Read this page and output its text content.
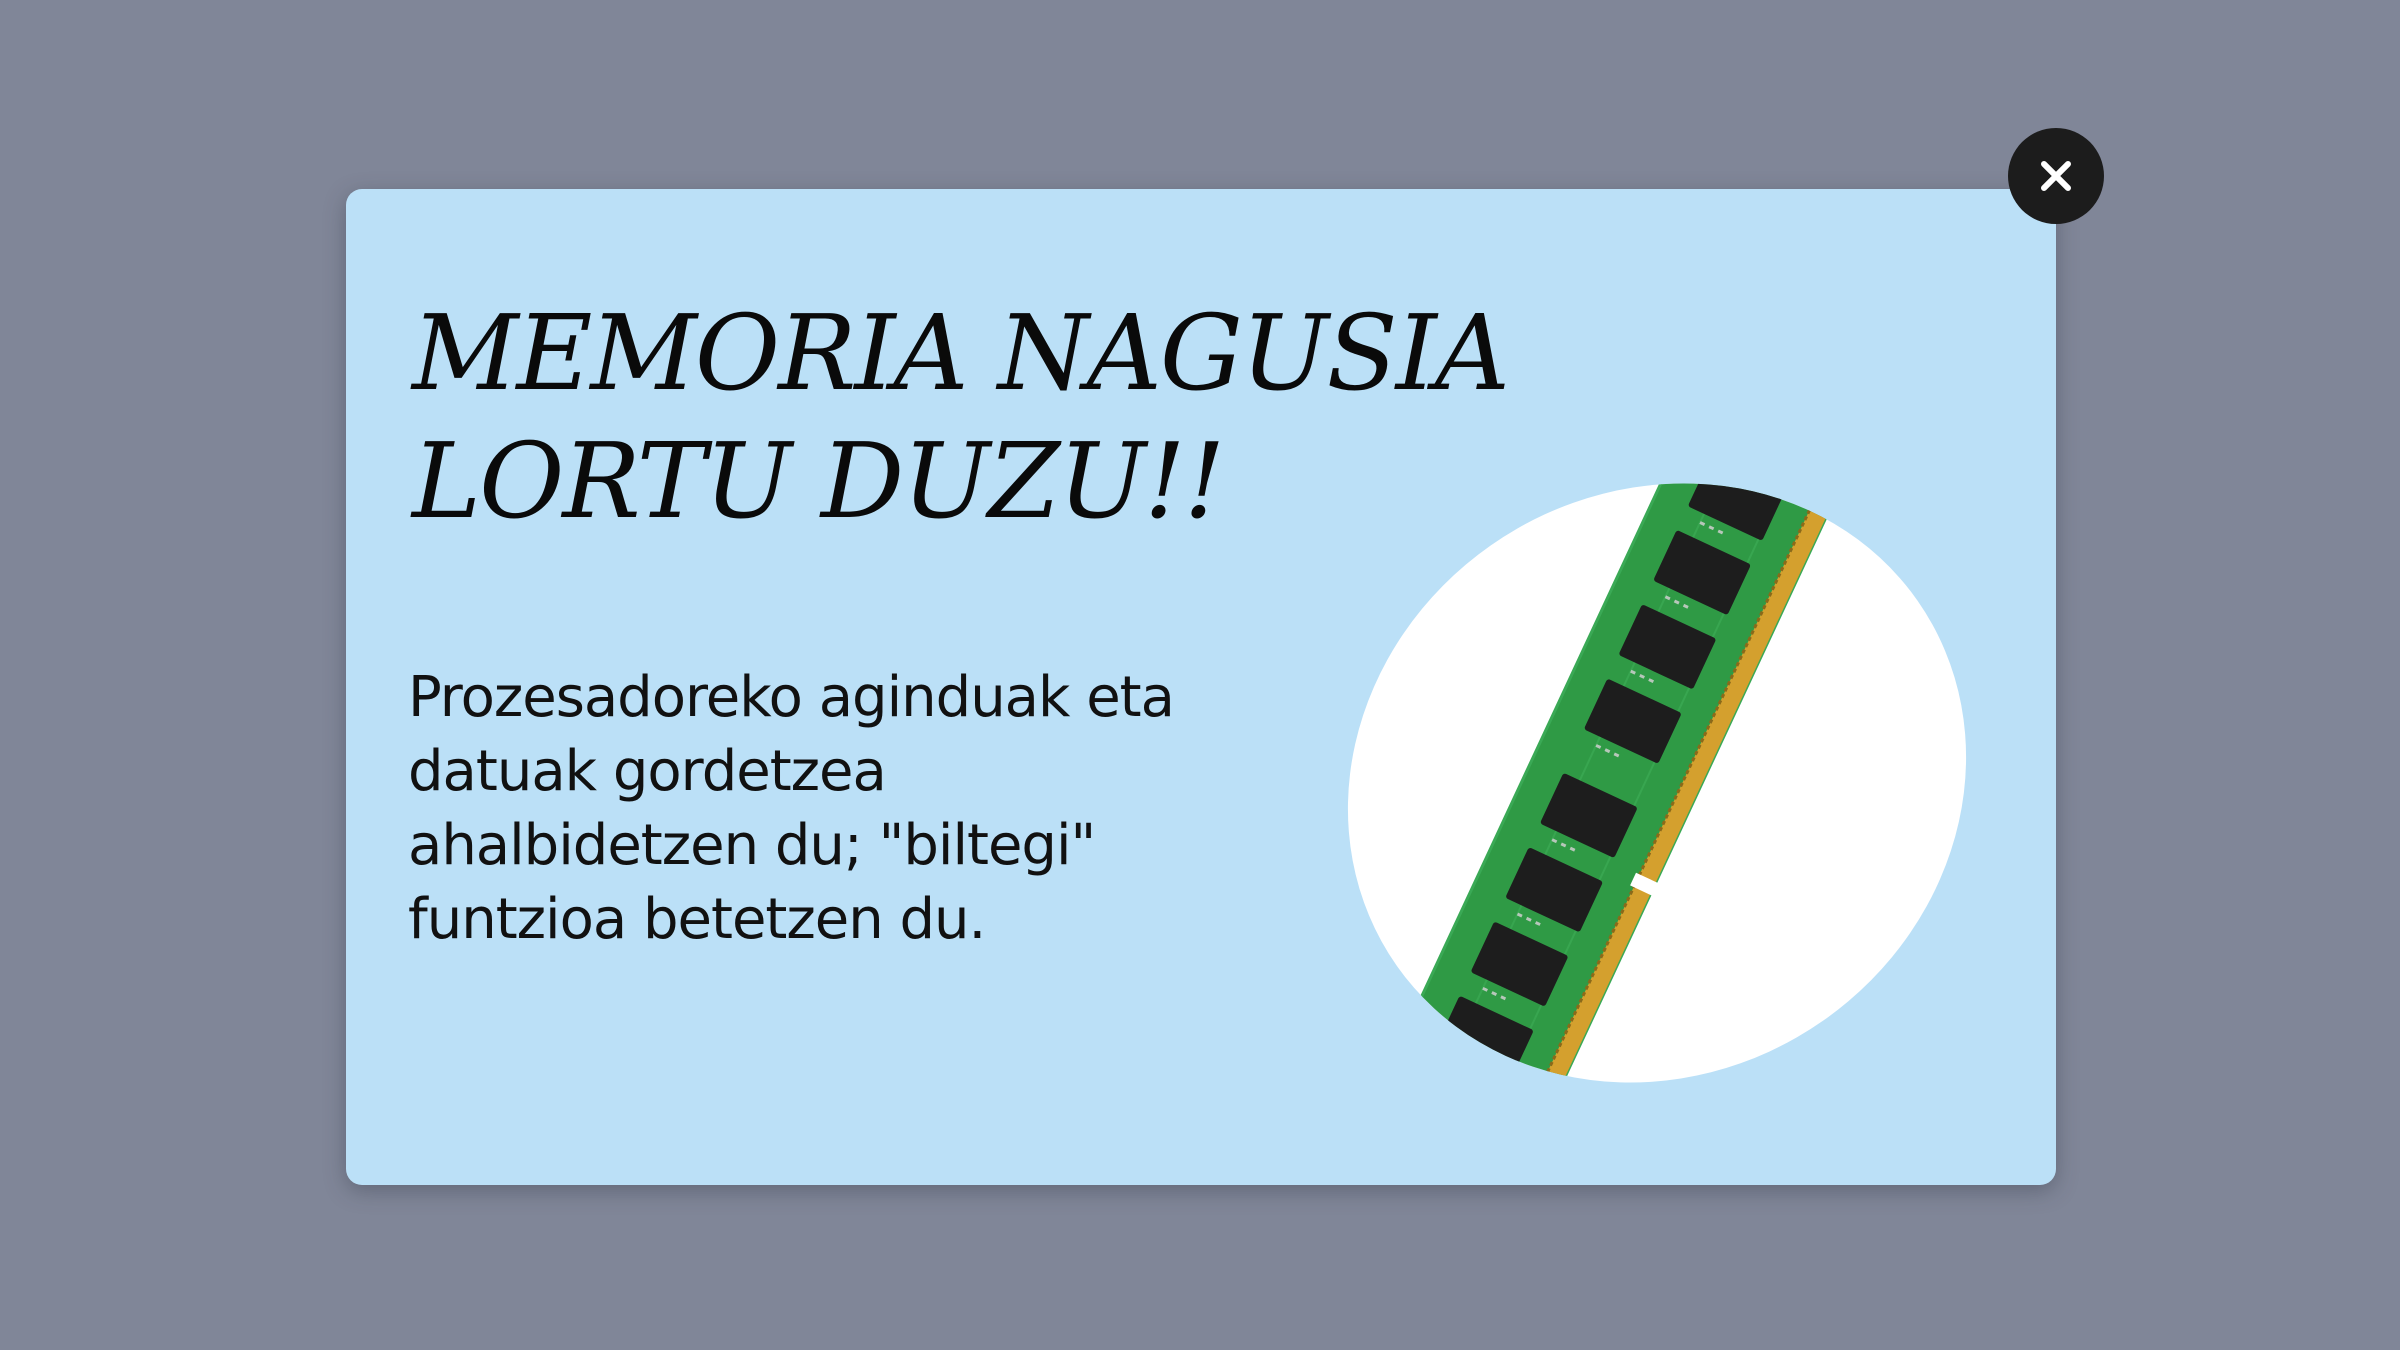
MEMORIA NAGUSIA
LORTU DUZU!!

Prozesadoreko aginduak eta datuak gordetzea ahalbidetzen du; "biltegi" funtzioa betetzen du.
